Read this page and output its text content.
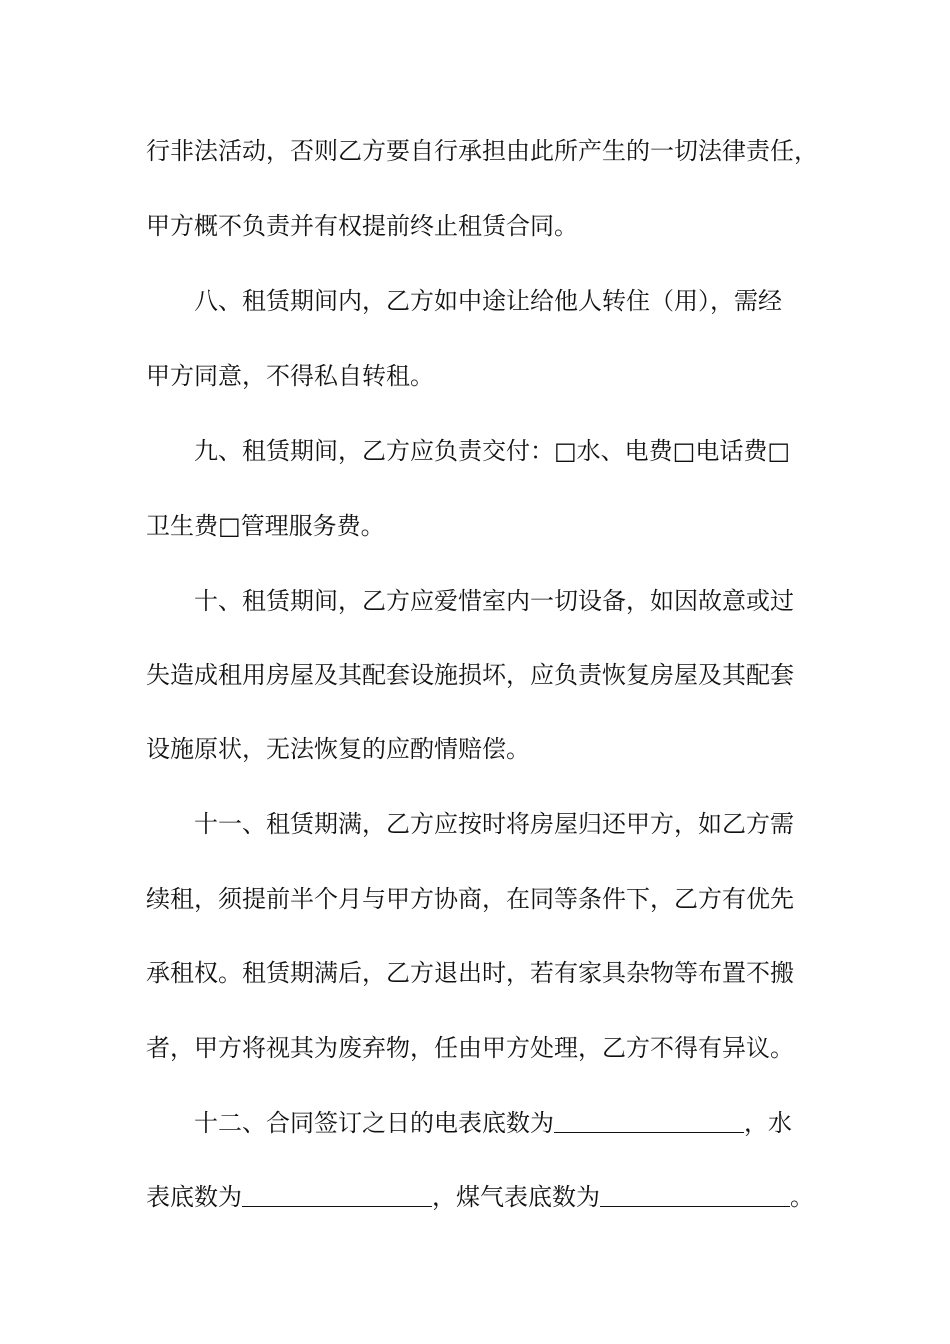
行非法活动，否则乙方要自行承担由此所产生的一切法律责任，
甲方概不负责并有权提前终止租赁合同。
八、租赁期间内，乙方如中途让给他人转住（用），需经
甲方同意，不得私自转租。
九、租赁期间，乙方应负责交付：□水、电费□电话费□
卫生费□管理服务费。
十、租赁期间，乙方应爱惜室内一切设备，如因故意或过
失造成租用房屋及其配套设施损坏，应负责恢复房屋及其配套
设施原状，无法恢复的应酌情赔偿。
十一、租赁期满，乙方应按时将房屋归还甲方，如乙方需
续租，须提前半个月与甲方协商，在同等条件下，乙方有优先
承租权。租赁期满后，乙方退出时，若有家具杂物等布置不搬
者，甲方将视其为废弃物，任由甲方处理，乙方不得有异议。
十二、合同签订之日的电表底数为	，水
表底数为	，煤气表底数为	。
